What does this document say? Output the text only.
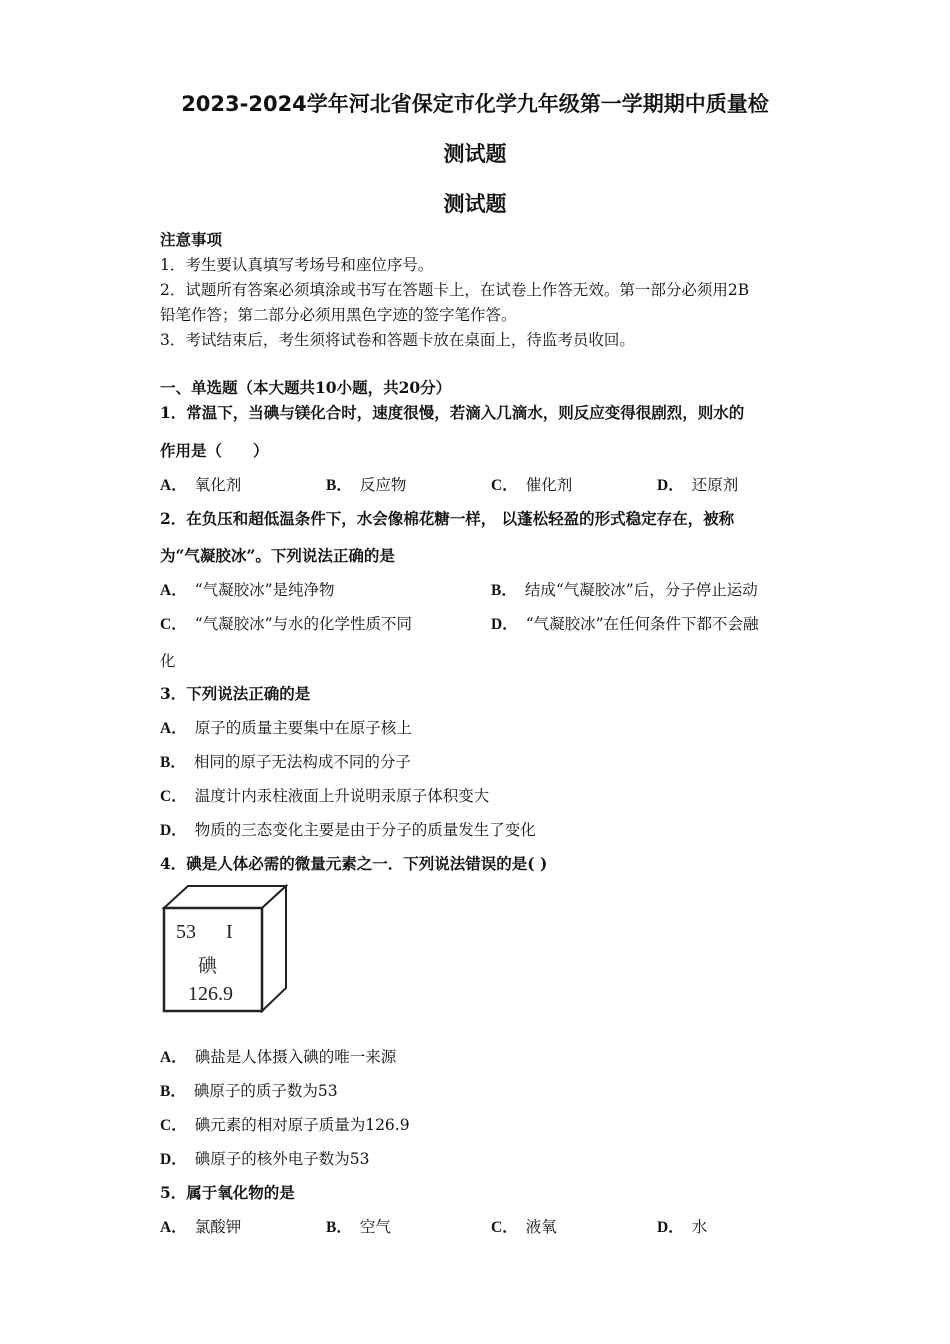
2023-2024学年河北省保定市化学九年级第一学期期中质量检
测试题
测试题
注意事项
1．考生要认真填写考场号和座位序号。
2．试题所有答案必须填涂或书写在答题卡上，在试卷上作答无效。第一部分必须用2B
铅笔作答；第二部分必须用黑色字迹的签字笔作答。
3．考试结束后，考生须将试卷和答题卡放在桌面上，待监考员收回。
一、单选题（本大题共10小题，共20分）
1．常温下，当碘与镁化合时，速度很慢，若滴入几滴水，则反应变得很剧烈，则水的
作用是（　　）
A． 氧化剂	B． 反应物	C． 催化剂	D． 还原剂
2．在负压和超低温条件下，水会像棉花糖一样， 以蓬松轻盈的形式稳定存在，被称
为“气凝胶冰”。下列说法正确的是
A． “气凝胶冰”是纯净物	B． 结成“气凝胶冰”后，分子停止运动
C． “气凝胶冰”与水的化学性质不同	D． “气凝胶冰”在任何条件下都不会融
化
3．下列说法正确的是
A． 原子的质量主要集中在原子核上
B． 相同的原子无法构成不同的分子
C． 温度计内汞柱液面上升说明汞原子体积变大
D． 物质的三态变化主要是由于分子的质量发生了变化
4．碘是人体必需的微量元素之一．下列说法错误的是( )
53 I
碘
126.9
A． 碘盐是人体摄入碘的唯一来源
B． 碘原子的质子数为53
C． 碘元素的相对原子质量为126.9
D． 碘原子的核外电子数为53
5．属于氧化物的是
A． 氯酸钾	B． 空气	C． 液氧	D． 水
